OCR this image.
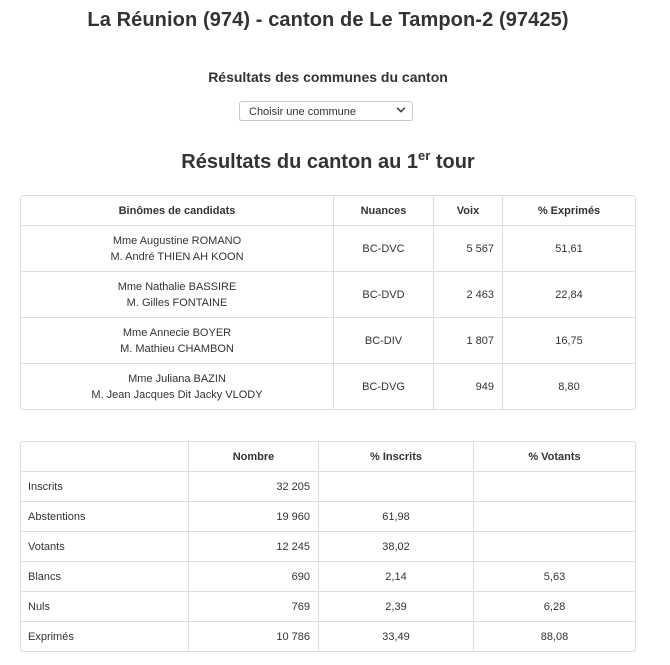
La Réunion (974) - canton de Le Tampon-2 (97425)
Résultats des communes du canton
Choisir une commune
Résultats du canton au 1er tour
Binômes de candidats	Nuances	Voix	% Exprimés

Mme Augustine ROMANO
M. André THIEN AH KOON	BC-DVC	5 567	51,61

Mme Nathalie BASSIRE
M. Gilles FONTAINE	BC-DVD	2 463	22,84

Mme Annecie BOYER
M. Mathieu CHAMBON	BC-DIV	1 807	16,75

Mme Juliana BAZIN
M. Jean Jacques Dit Jacky VLODY	BC-DVG	949	8,80
	Nombre	% Inscrits	% Votants
Inscrits	32 205		
Abstentions	19 960	61,98	
Votants	12 245	38,02	
Blancs	690	2,14	5,63
Nuls	769	2,39	6,28
Exprimés	10 786	33,49	88,08
